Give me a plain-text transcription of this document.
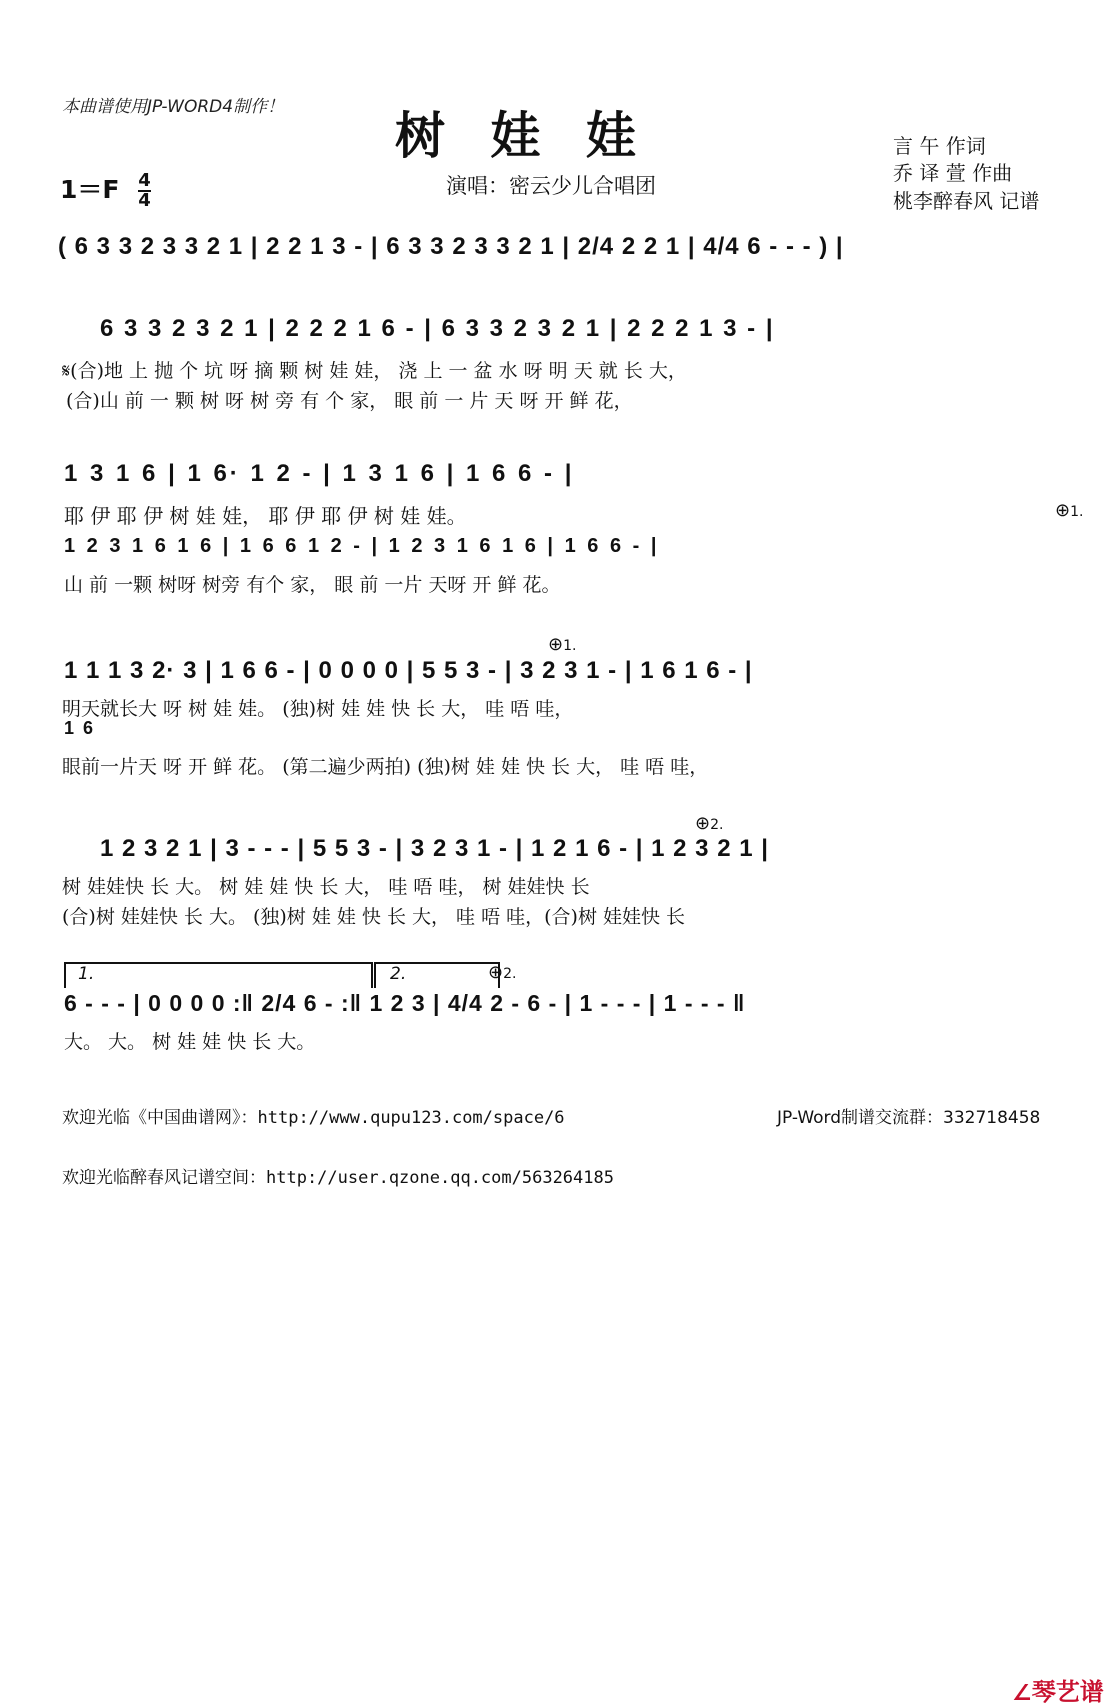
本曲谱使用JP-WORD4制作！ 树 娃 娃
$1=F \frac{4}{4}$	演唱：密云少儿合唱团
言 午 作词
乔 译 萱 作曲
桃李醉春风 记谱
( 6 3 3 2 3 3 2 1 | 2 2 1 3 - | 6 3 3 2 3 3 2 1 | 2/4 2 2 1 | 4/4 6 - - - ) |
6 3 3 2 3 2 1 | 2 2 2 1 6 - | 6 3 3 2 3 2 1 | 2 2 2 1 3 - |
𝄋(合)地 上 抛 个 坑 呀 摘 颗 树 娃 娃， 浇 上 一 盆 水 呀 明 天 就 长 大，
(合)山 前 一 颗 树 呀 树 旁 有 个 家， 眼 前 一 片 天 呀 开 鲜 花，
1 3 1 6 | 1 6· 1 2 - | 1 3 1 6 | 1 6 6 - |
耶 伊 耶 伊 树 娃 娃， 耶 伊 耶 伊 树 娃 娃。	⊕1.
1 2 3 1 6 1 6 | 1 6 6 1 2 - | 1 2 3 1 6 1 6 | 1 6 6 - |
山 前 一颗 树呀 树旁 有个 家， 眼 前 一片 天呀 开 鲜 花。
⊕1.
1 1 1 3 2· 3 | 1 6 6 - | 0 0 0 0 | 5 5 3 - | 3 2 3 1 - | 1 6 1 6 - |
明天就长大 呀 树 娃 娃。 (独)树 娃 娃 快 长 大， 哇 唔 哇，
1 6
眼前一片天 呀 开 鲜 花。 (第二遍少两拍) (独)树 娃 娃 快 长 大， 哇 唔 哇，
⊕2.
1 2 3 2 1 | 3 - - - | 5 5 3 - | 3 2 3 1 - | 1 2 1 6 - | 1 2 3 2 1 |
树 娃娃快 长 大。 树 娃 娃 快 长 大， 哇 唔 哇， 树 娃娃快 长
(合)树 娃娃快 长 大。 (独)树 娃 娃 快 长 大， 哇 唔 哇，(合)树 娃娃快 长
1.	2.	⊕2.
6 - - - | 0 0 0 0 :‖ 2/4 6 - :‖ 1 2 3 | 4/4 2 - 6 - | 1 - - - | 1 - - - ‖
大。 大。 树 娃 娃 快 长 大。
欢迎光临《中国曲谱网》：http://www.qupu123.com/space/6	JP-Word制谱交流群：332718458
欢迎光临醉春风记谱空间：http://user.qzone.qq.com/563264185
∠琴艺谱
